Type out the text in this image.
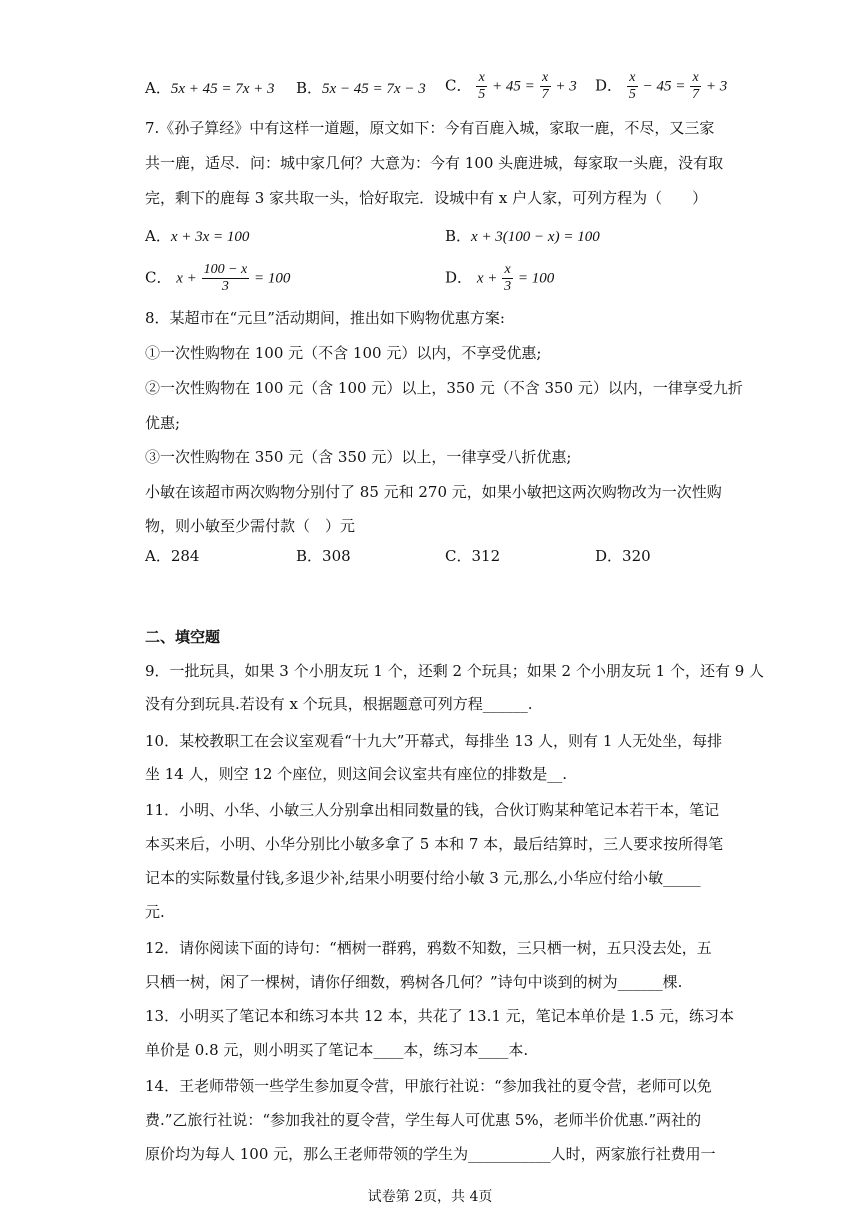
A．5x + 45 = 7x + 3 B．5x − 45 = 7x − 3 C． $\frac{x}{5} + 45 = \frac{x}{7} + 3$ D． $\frac{x}{5} - 45 = \frac{x}{7} + 3$
7.《孙子算经》中有这样一道题，原文如下：今有百鹿入城，家取一鹿，不尽，又三家
共一鹿，适尽．问：城中家几何？大意为：今有 100 头鹿进城，每家取一头鹿，没有取
完，剩下的鹿每 3 家共取一头，恰好取完．设城中有 x 户人家，可列方程为（　　）
A．x + 3x = 100	B．x + 3(100 − x) = 100
C． $x + \frac{100 - x}{3} = 100$	D． $x + \frac{x}{3} = 100$
8．某超市在“元旦”活动期间，推出如下购物优惠方案:
①一次性购物在 100 元（不含 100 元）以内，不享受优惠;
②一次性购物在 100 元（含 100 元）以上，350 元（不含 350 元）以内，一律享受九折
优惠;
③一次性购物在 350 元（含 350 元）以上，一律享受八折优惠;
小敏在该超市两次购物分别付了 85 元和 270 元，如果小敏把这两次购物改为一次性购
物，则小敏至少需付款（　）元
A．284	B．308	C．312	D．320
二、填空题
9．一批玩具，如果 3 个小朋友玩 1 个，还剩 2 个玩具；如果 2 个小朋友玩 1 个，还有 9 人
没有分到玩具.若设有 x 个玩具，根据题意可列方程______.
10．某校教职工在会议室观看“十九大”开幕式，每排坐 13 人，则有 1 人无处坐，每排
坐 14 人，则空 12 个座位，则这间会议室共有座位的排数是__.
11．小明、小华、小敏三人分别拿出相同数量的钱，合伙订购某种笔记本若干本，笔记
本买来后，小明、小华分别比小敏多拿了 5 本和 7 本，最后结算时，三人要求按所得笔
记本的实际数量付钱,多退少补,结果小明要付给小敏 3 元,那么,小华应付给小敏_____
元.
12．请你阅读下面的诗句：“栖树一群鸦，鸦数不知数，三只栖一树，五只没去处，五
只栖一树，闲了一棵树，请你仔细数，鸦树各几何？”诗句中谈到的树为______棵.
13．小明买了笔记本和练习本共 12 本，共花了 13.1 元，笔记本单价是 1.5 元，练习本
单价是 0.8 元，则小明买了笔记本____本，练习本____本.
14．王老师带领一些学生参加夏令营，甲旅行社说：“参加我社的夏令营，老师可以免
费.”乙旅行社说：“参加我社的夏令营，学生每人可优惠 5%，老师半价优惠.”两社的
原价均为每人 100 元，那么王老师带领的学生为___________人时，两家旅行社费用一
试卷第 2页，共 4页
